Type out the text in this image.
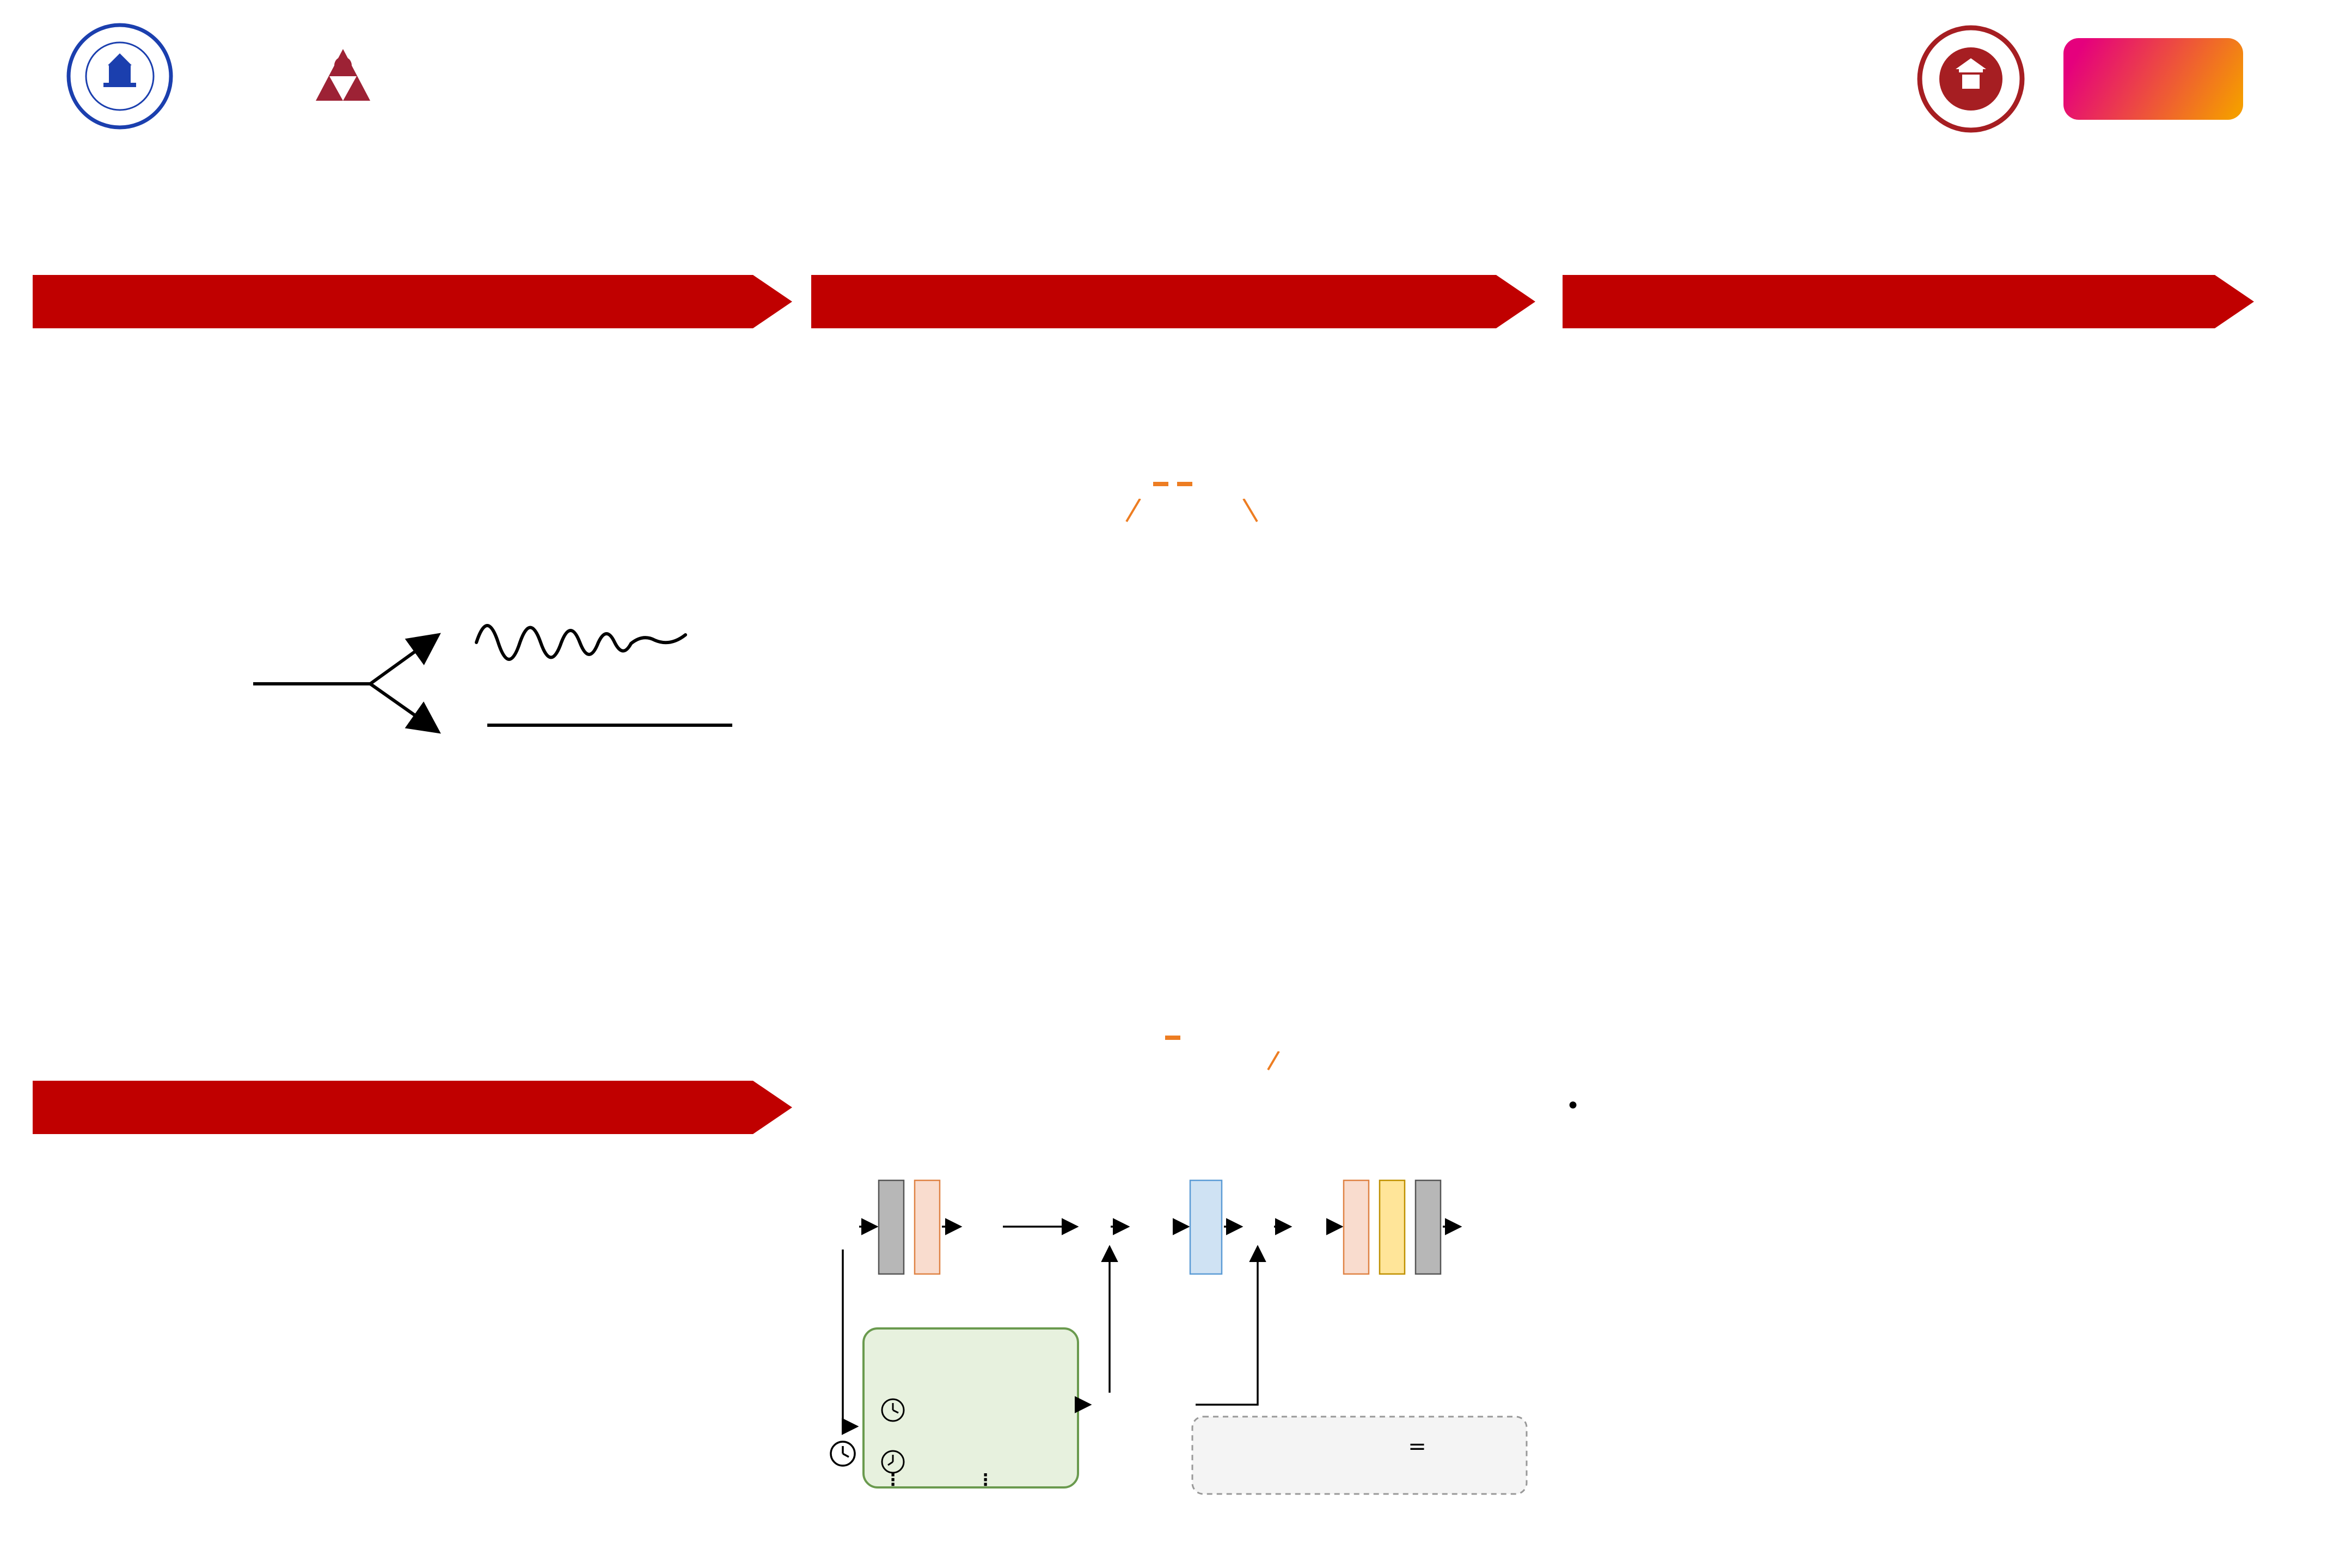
⋮	⋮
=
●
